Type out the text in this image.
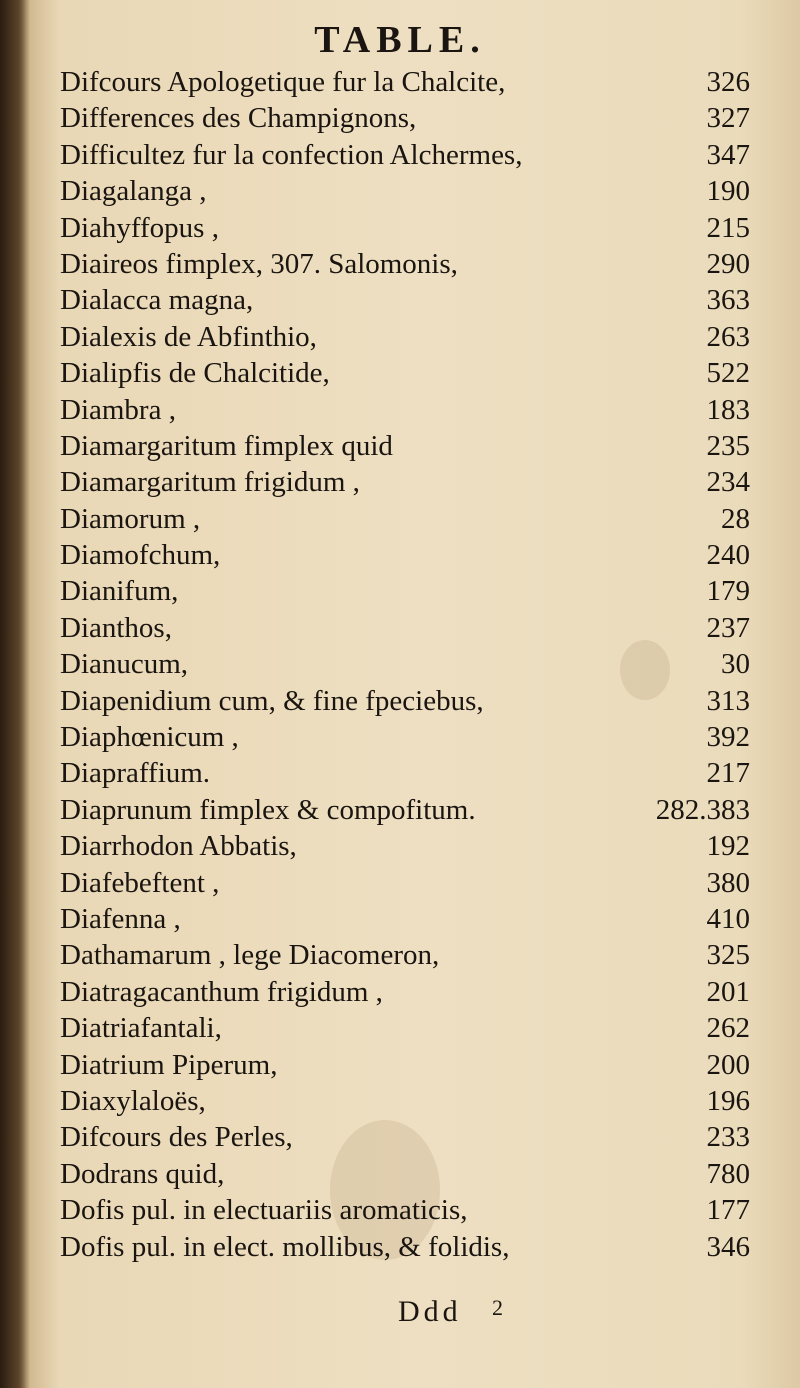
TABLE.
Difcours Apologetique fur la Chalcite,	326
Differences des Champignons,	327
Difficultez fur la confection Alchermes,	347
Diagalanga ,	190
Diahyffopus ,	215
Diaireos fimplex, 307. Salomonis,	290
Dialacca magna,	363
Dialexis de Abfinthio,	263
Dialipfis de Chalcitide,	522
Diambra ,	183
Diamargaritum fimplex quid	235
Diamargaritum frigidum ,	234
Diamorum ,	28
Diamofchum,	240
Dianifum,	179
Dianthos,	237
Dianucum,	30
Diapenidium cum, & fine fpeciebus,	313
Diaphœnicum ,	392
Diapraffium.	217
Diaprunum fimplex & compofitum.	282.383
Diarrhodon Abbatis,	192
Diafebeftent ,	380
Diafenna ,	410
Dathamarum , lege Diacomeron,	325
Diatragacanthum frigidum ,	201
Diatriafantali,	262
Diatrium Piperum,	200
Diaxylaloës,	196
Difcours des Perles,	233
Dodrans quid,	780
Dofis pul. in electuariis aromaticis,	177
Dofis pul. in elect. mollibus, & folidis,	346
Ddd 2
